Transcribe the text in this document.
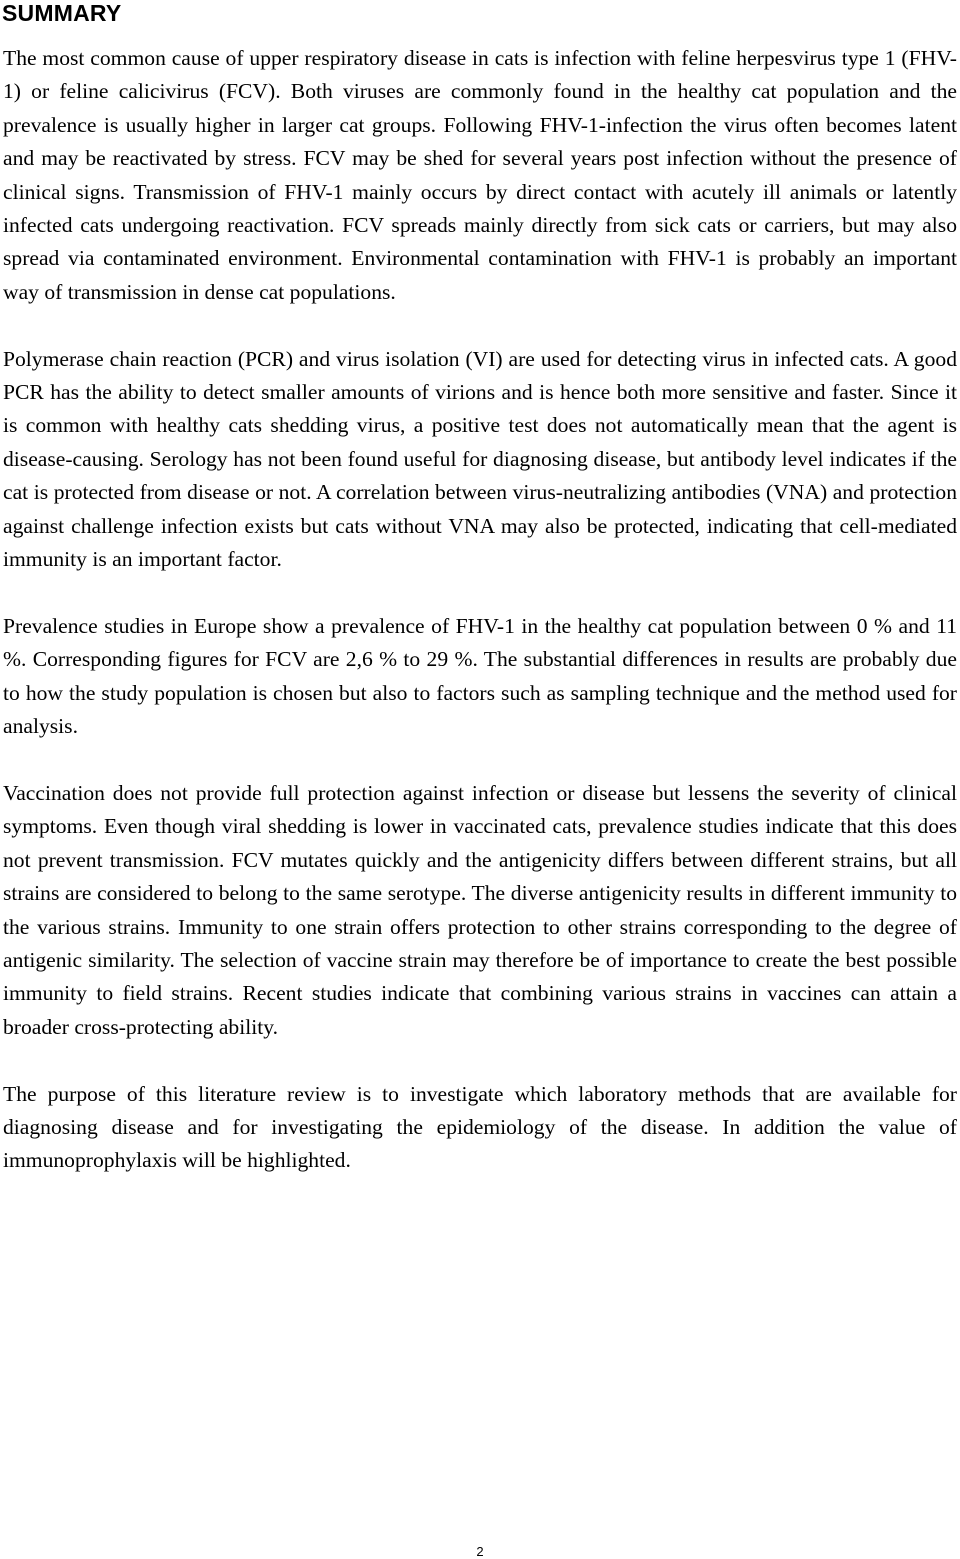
SUMMARY

The most common cause of upper respiratory disease in cats is infection with feline herpesvirus type 1 (FHV-1) or feline calicivirus (FCV). Both viruses are commonly found in the healthy cat population and the prevalence is usually higher in larger cat groups. Following FHV-1-infection the virus often becomes latent and may be reactivated by stress. FCV may be shed for several years post infection without the presence of clinical signs. Transmission of FHV-1 mainly occurs by direct contact with acutely ill animals or latently infected cats undergoing reactivation. FCV spreads mainly directly from sick cats or carriers, but may also spread via contaminated environment. Environmental contamination with FHV-1 is probably an important way of transmission in dense cat populations.

Polymerase chain reaction (PCR) and virus isolation (VI) are used for detecting virus in infected cats. A good PCR has the ability to detect smaller amounts of virions and is hence both more sensitive and faster. Since it is common with healthy cats shedding virus, a positive test does not automatically mean that the agent is disease-causing. Serology has not been found useful for diagnosing disease, but antibody level indicates if the cat is protected from disease or not. A correlation between virus-neutralizing antibodies (VNA) and protection against challenge infection exists but cats without VNA may also be protected, indicating that cell-mediated immunity is an important factor.

Prevalence studies in Europe show a prevalence of FHV-1 in the healthy cat population between 0 % and 11 %. Corresponding figures for FCV are 2,6 % to 29 %. The substantial differences in results are probably due to how the study population is chosen but also to factors such as sampling technique and the method used for analysis.

Vaccination does not provide full protection against infection or disease but lessens the severity of clinical symptoms. Even though viral shedding is lower in vaccinated cats, prevalence studies indicate that this does not prevent transmission. FCV mutates quickly and the antigenicity differs between different strains, but all strains are considered to belong to the same serotype. The diverse antigenicity results in different immunity to the various strains. Immunity to one strain offers protection to other strains corresponding to the degree of antigenic similarity. The selection of vaccine strain may therefore be of importance to create the best possible immunity to field strains. Recent studies indicate that combining various strains in vaccines can attain a broader cross-protecting ability.

The purpose of this literature review is to investigate which laboratory methods that are available for diagnosing disease and for investigating the epidemiology of the disease. In addition the value of immunoprophylaxis will be highlighted.

2
